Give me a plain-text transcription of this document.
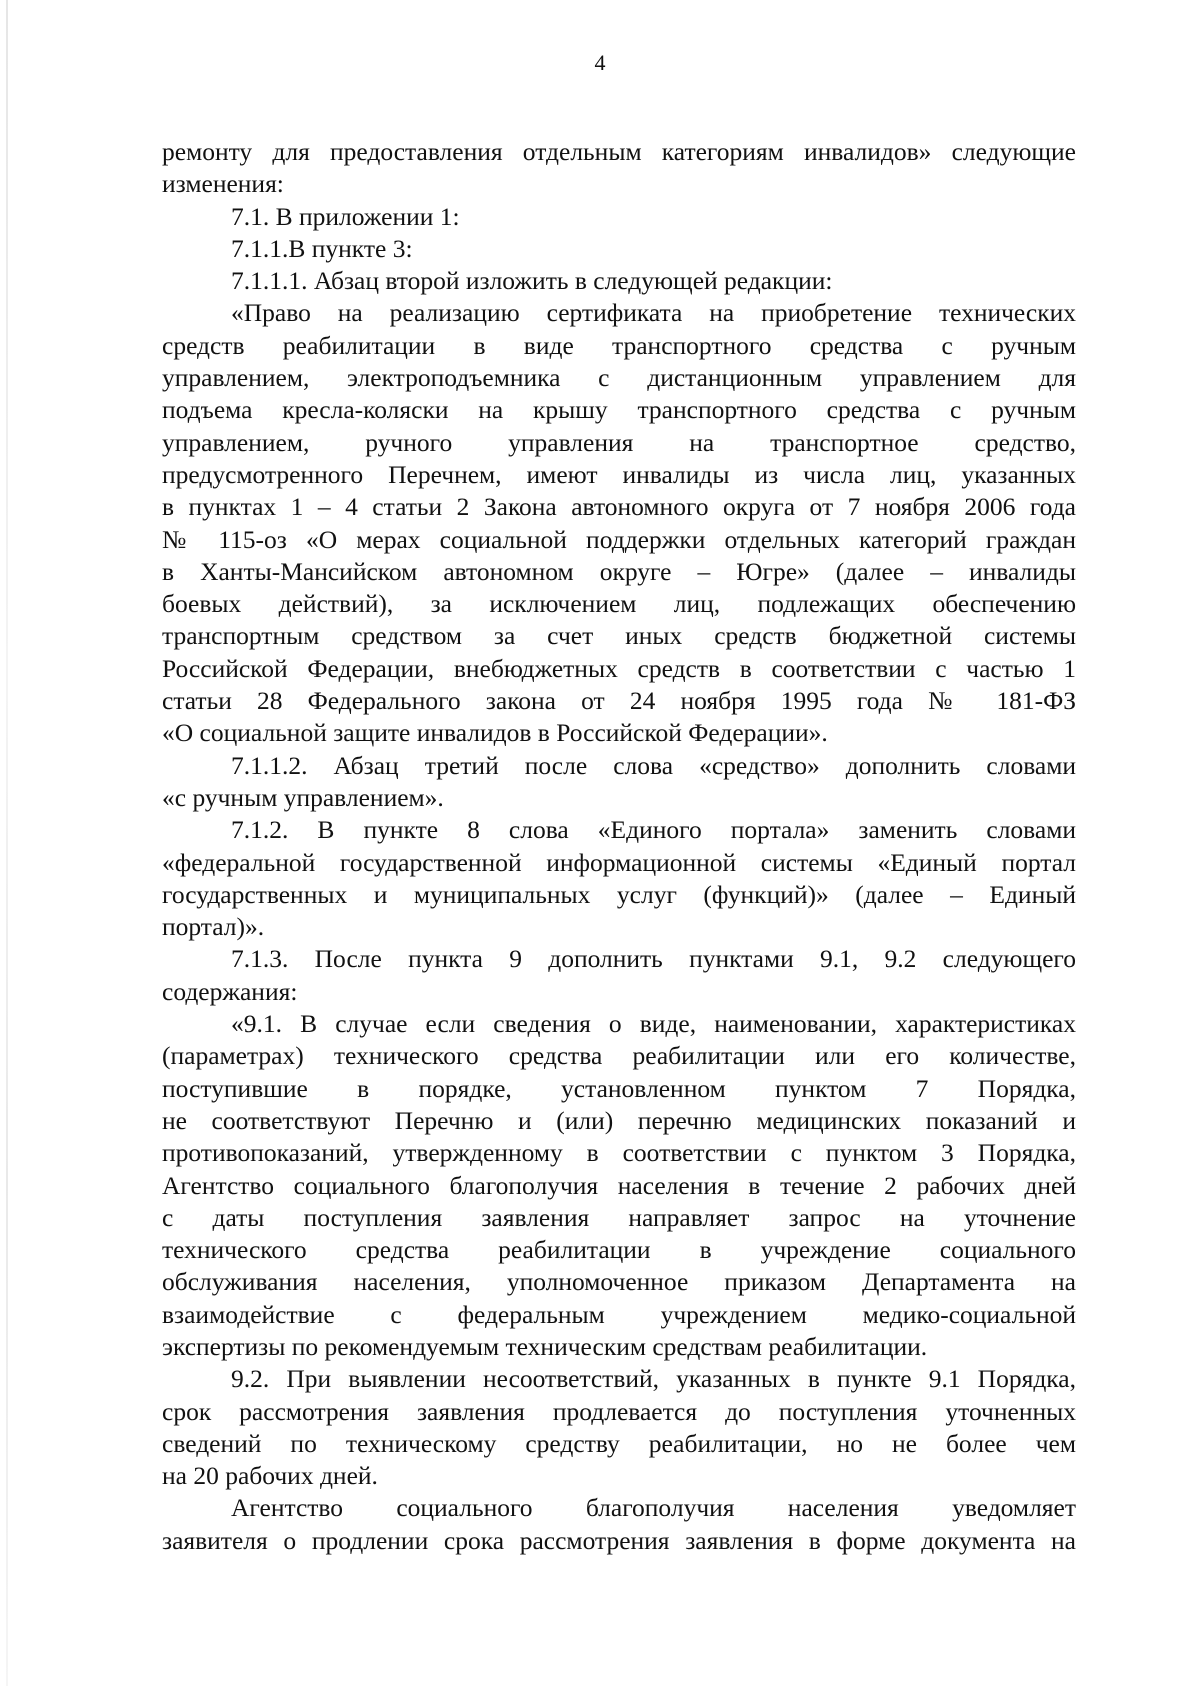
4
ремонту для предоставления отдельным категориям инвалидов» следующие
изменения:
7.1. В приложении 1:
7.1.1.В пункте 3:
7.1.1.1. Абзац второй изложить в следующей редакции:
«Право на реализацию сертификата на приобретение технических
средств реабилитации в виде транспортного средства с ручным
управлением, электроподъемника с дистанционным управлением для
подъема кресла-коляски на крышу транспортного средства с ручным
управлением, ручного управления на транспортное средство,
предусмотренного Перечнем, имеют инвалиды из числа лиц, указанных
в пунктах 1 – 4 статьи 2 Закона автономного округа от 7 ноября 2006 года
№ 115-оз «О мерах социальной поддержки отдельных категорий граждан
в Ханты-Мансийском автономном округе – Югре» (далее – инвалиды
боевых действий), за исключением лиц, подлежащих обеспечению
транспортным средством за счет иных средств бюджетной системы
Российской Федерации, внебюджетных средств в соответствии с частью 1
статьи 28 Федерального закона от 24 ноября 1995 года № 181-ФЗ
«О социальной защите инвалидов в Российской Федерации».
7.1.1.2. Абзац третий после слова «средство» дополнить словами
«с ручным управлением».
7.1.2. В пункте 8 слова «Единого портала» заменить словами
«федеральной государственной информационной системы «Единый портал
государственных и муниципальных услуг (функций)» (далее – Единый
портал)».
7.1.3. После пункта 9 дополнить пунктами 9.1, 9.2 следующего
содержания:
«9.1. В случае если сведения о виде, наименовании, характеристиках
(параметрах) технического средства реабилитации или его количестве,
поступившие в порядке, установленном пунктом 7 Порядка,
не соответствуют Перечню и (или) перечню медицинских показаний и
противопоказаний, утвержденному в соответствии с пунктом 3 Порядка,
Агентство социального благополучия населения в течение 2 рабочих дней
с даты поступления заявления направляет запрос на уточнение
технического средства реабилитации в учреждение социального
обслуживания населения, уполномоченное приказом Департамента на
взаимодействие с федеральным учреждением медико-социальной
экспертизы по рекомендуемым техническим средствам реабилитации.
9.2. При выявлении несоответствий, указанных в пункте 9.1 Порядка,
срок рассмотрения заявления продлевается до поступления уточненных
сведений по техническому средству реабилитации, но не более чем
на 20 рабочих дней.
Агентство социального благополучия населения уведомляет
заявителя о продлении срока рассмотрения заявления в форме документа на
